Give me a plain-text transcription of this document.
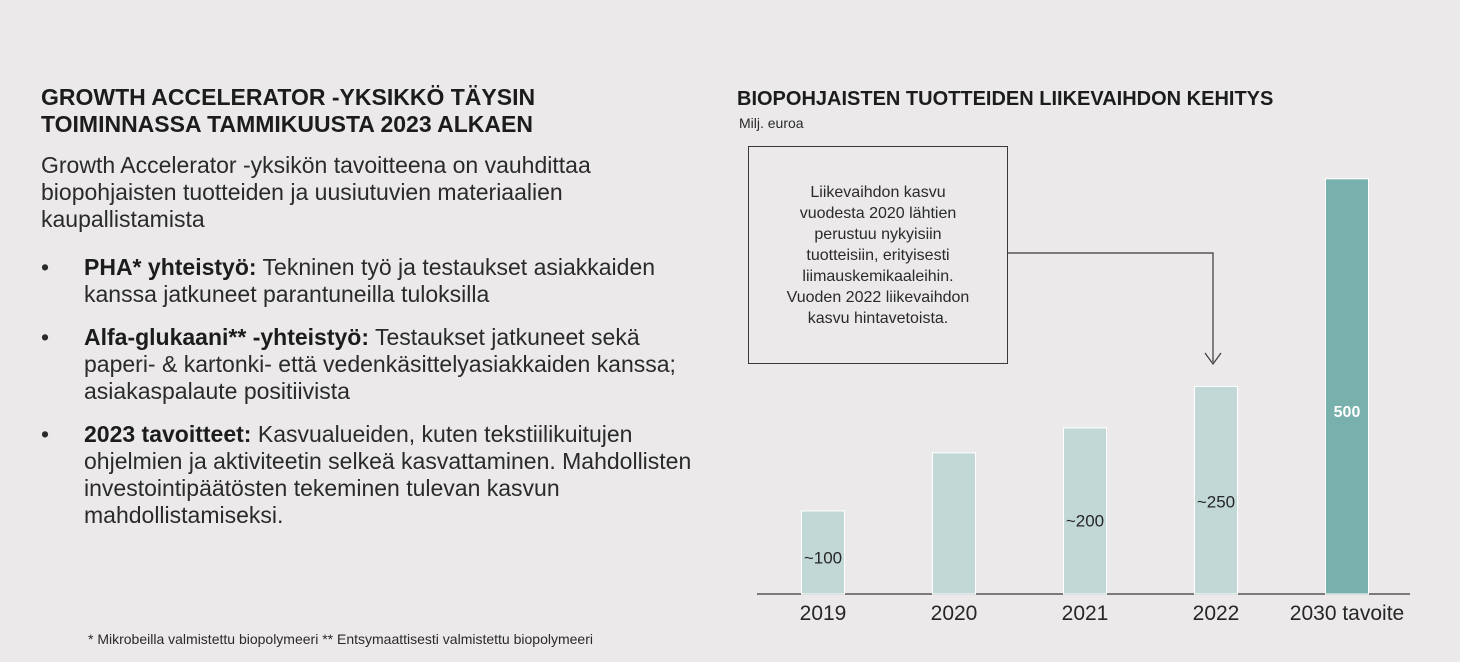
GROWTH ACCELERATOR -YKSIKKÖ TÄYSIN
TOIMINNASSA TAMMIKUUSTA 2023 ALKAEN

Growth Accelerator -yksikön tavoitteena on vauhdittaa biopohjaisten tuotteiden ja uusiutuvien materiaalien kaupallistamista

• PHA* yhteistyö: Tekninen työ ja testaukset asiakkaiden kanssa jatkuneet parantuneilla tuloksilla
• Alfa-glukaani** -yhteistyö: Testaukset jatkuneet sekä paperi- & kartonki- että vedenkäsittelyasiakkaiden kanssa; asiakaspalaute positiivista
• 2023 tavoitteet: Kasvualueiden, kuten tekstiilikuitujen ohjelmien ja aktiviteetin selkeä kasvattaminen. Mahdollisten investointipäätösten tekeminen tulevan kasvun mahdollistamiseksi.

* Mikrobeilla valmistettu biopolymeeri ** Entsymaattisesti valmistettu biopolymeeri

BIOPOHJAISTEN TUOTTEIDEN LIIKEVAIHDON KEHITYS

Milj. euroa

2019
~100
2020	2021
~200
2022
~250
2030 tavoite
500
Liikevaihdon kasvu
vuodesta 2020 lähtien
perustuu nykyisiin
tuotteisiin, erityisesti
liimauskemikaaleihin.
Vuoden 2022 liikevaihdon
kasvu hintavetoista.
